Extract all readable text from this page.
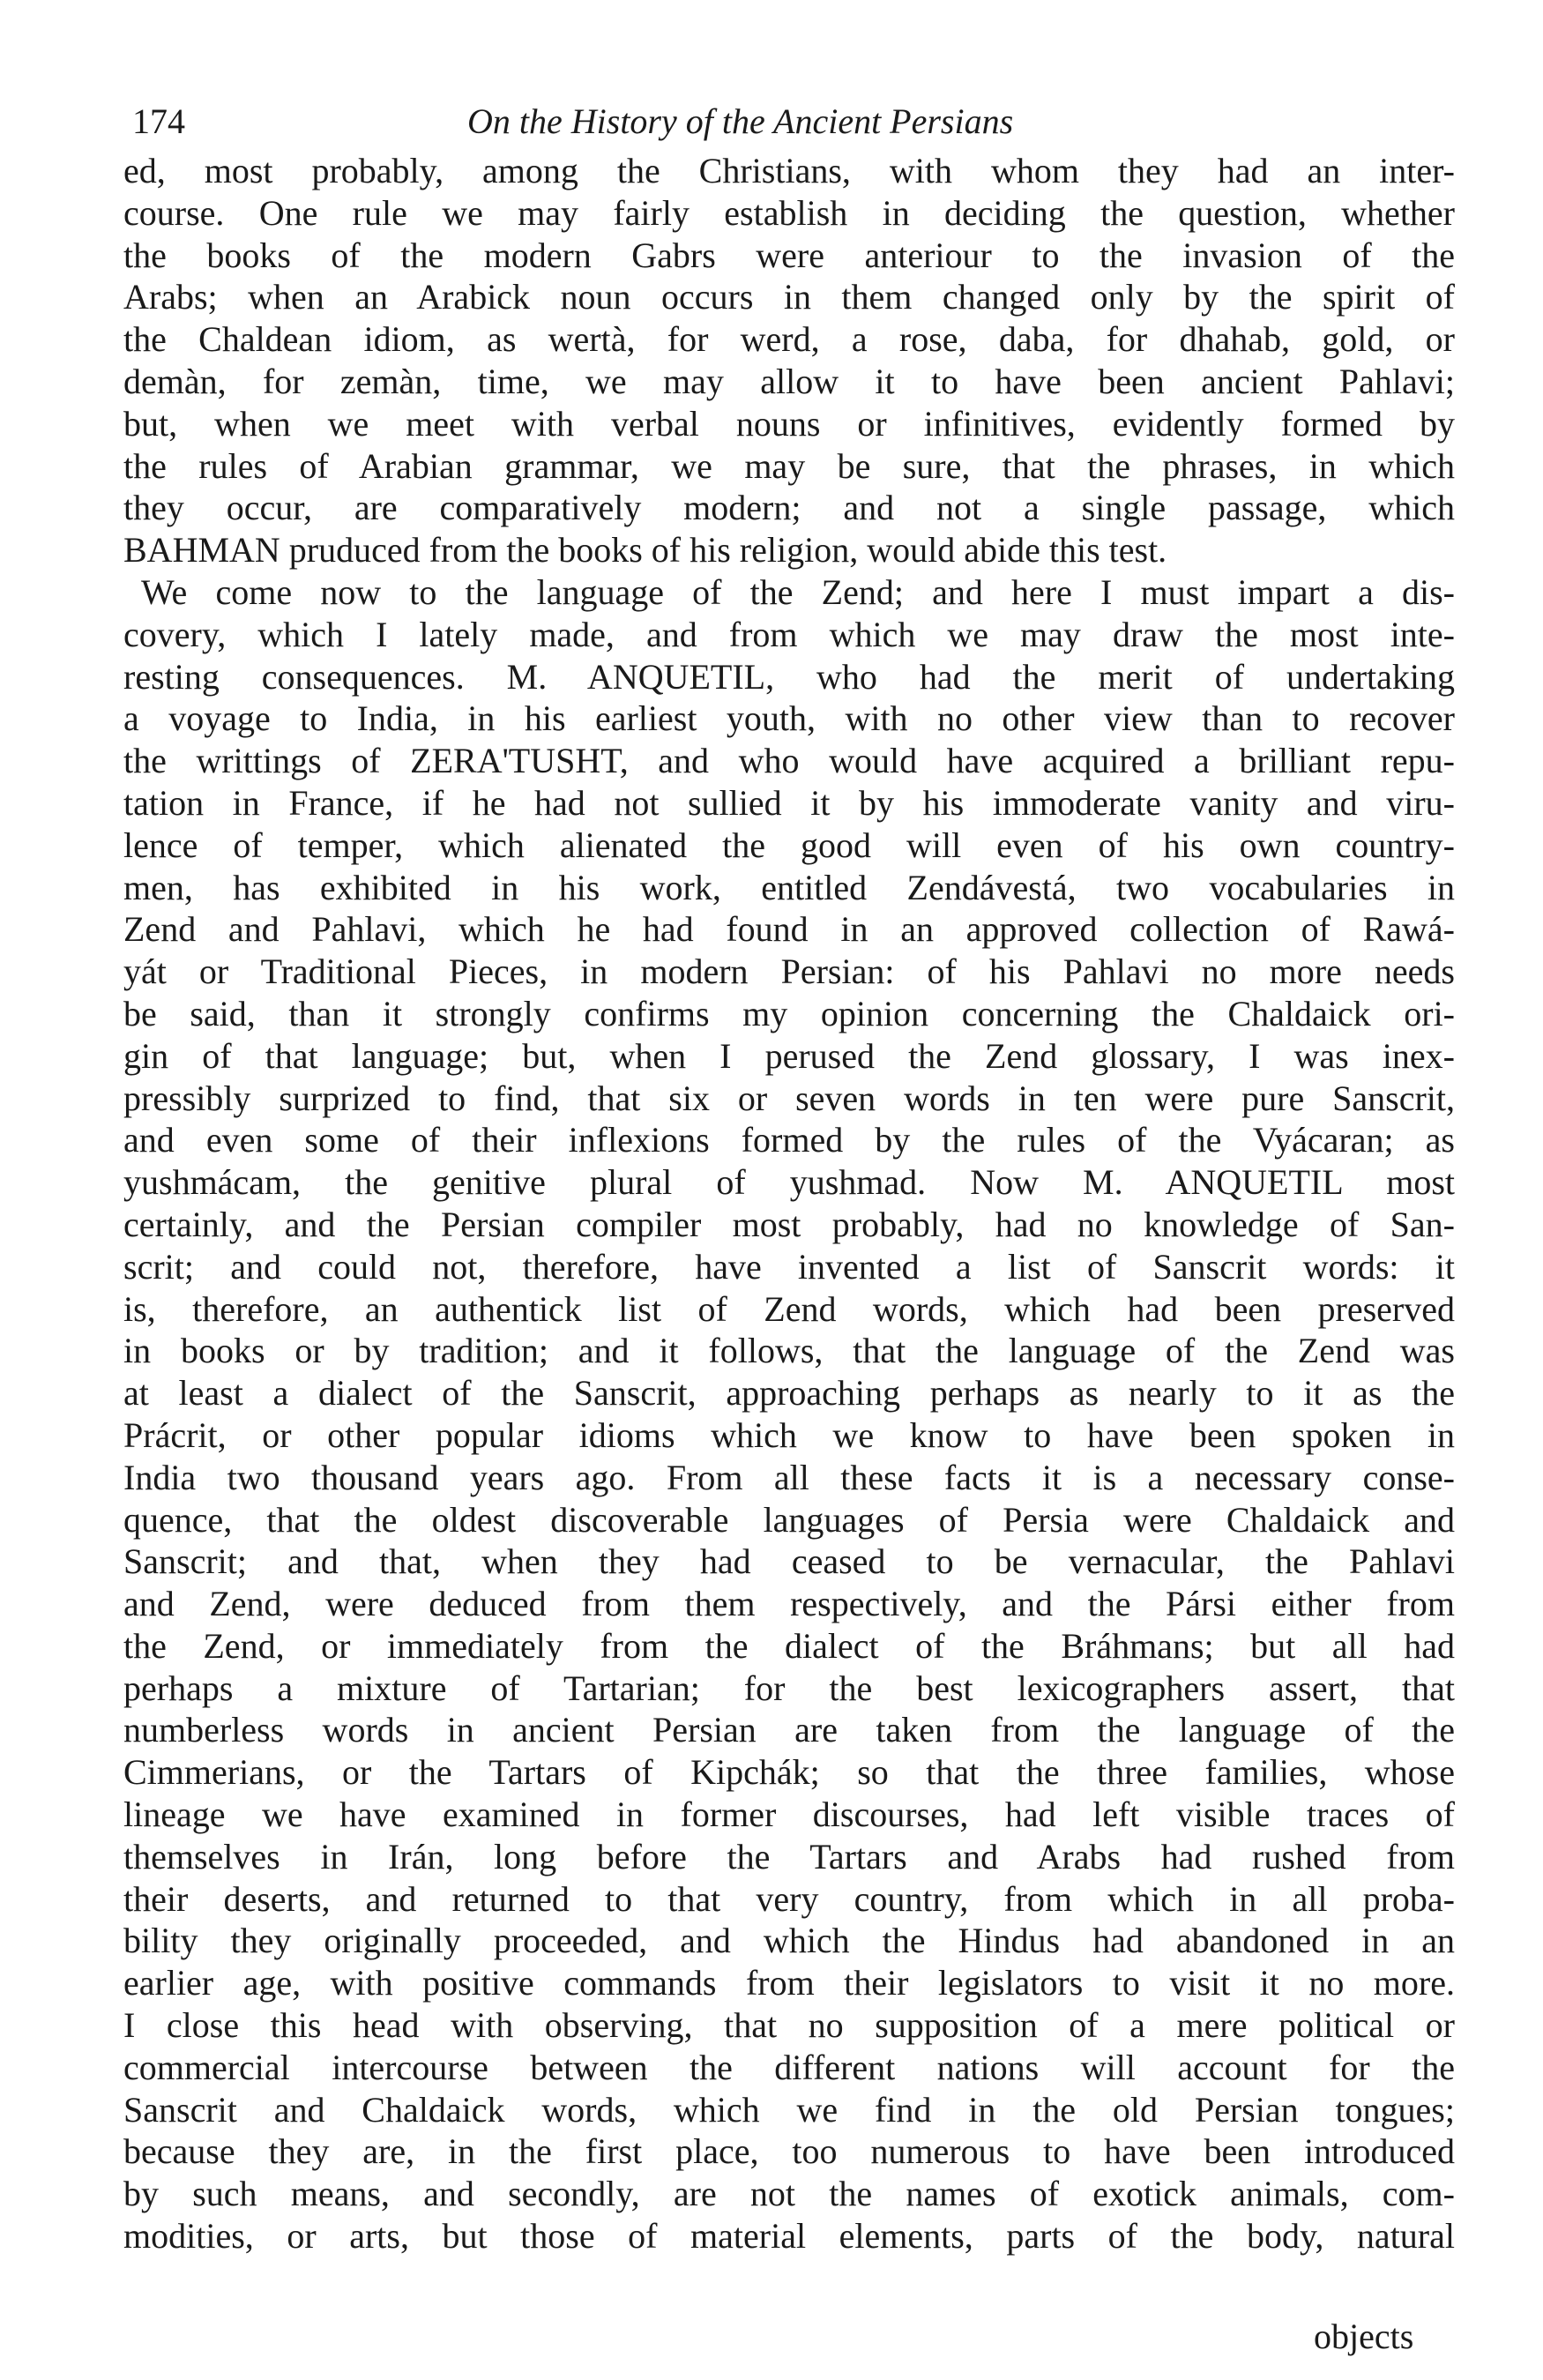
174	On the History of the Ancient Persians
ed, most probably, among the Christians, with whom they had an inter-
course. One rule we may fairly establish in deciding the question, whether
the books of the modern Gabrs were anteriour to the invasion of the
Arabs; when an Arabick noun occurs in them changed only by the spirit of
the Chaldean idiom, as wertà, for werd, a rose, daba, for dhahab, gold, or
demàn, for zemàn, time, we may allow it to have been ancient Pahlavi;
but, when we meet with verbal nouns or infinitives, evidently formed by
the rules of Arabian grammar, we may be sure, that the phrases, in which
they occur, are comparatively modern; and not a single passage, which
BAHMAN pruduced from the books of his religion, would abide this test.
We come now to the language of the Zend; and here I must impart a dis-
covery, which I lately made, and from which we may draw the most inte-
resting consequences. M. ANQUETIL, who had the merit of undertaking
a voyage to India, in his earliest youth, with no other view than to recover
the writtings of ZERA'TUSHT, and who would have acquired a brilliant repu-
tation in France, if he had not sullied it by his immoderate vanity and viru-
lence of temper, which alienated the good will even of his own country-
men, has exhibited in his work, entitled Zendávestá, two vocabularies in
Zend and Pahlavi, which he had found in an approved collection of Rawá-
yát or Traditional Pieces, in modern Persian: of his Pahlavi no more needs
be said, than it strongly confirms my opinion concerning the Chaldaick ori-
gin of that language; but, when I perused the Zend glossary, I was inex-
pressibly surprized to find, that six or seven words in ten were pure Sanscrit,
and even some of their inflexions formed by the rules of the Vyácaran; as
yushmácam, the genitive plural of yushmad. Now M. ANQUETIL most
certainly, and the Persian compiler most probably, had no knowledge of San-
scrit; and could not, therefore, have invented a list of Sanscrit words: it
is, therefore, an authentick list of Zend words, which had been preserved
in books or by tradition; and it follows, that the language of the Zend was
at least a dialect of the Sanscrit, approaching perhaps as nearly to it as the
Prácrit, or other popular idioms which we know to have been spoken in
India two thousand years ago. From all these facts it is a necessary conse-
quence, that the oldest discoverable languages of Persia were Chaldaick and
Sanscrit; and that, when they had ceased to be vernacular, the Pahlavi
and Zend, were deduced from them respectively, and the Pársi either from
the Zend, or immediately from the dialect of the Bráhmans; but all had
perhaps a mixture of Tartarian; for the best lexicographers assert, that
numberless words in ancient Persian are taken from the language of the
Cimmerians, or the Tartars of Kipchák; so that the three families, whose
lineage we have examined in former discourses, had left visible traces of
themselves in Irán, long before the Tartars and Arabs had rushed from
their deserts, and returned to that very country, from which in all proba-
bility they originally proceeded, and which the Hindus had abandoned in an
earlier age, with positive commands from their legislators to visit it no more.
I close this head with observing, that no supposition of a mere political or
commercial intercourse between the different nations will account for the
Sanscrit and Chaldaick words, which we find in the old Persian tongues;
because they are, in the first place, too numerous to have been introduced
by such means, and secondly, are not the names of exotick animals, com-
modities, or arts, but those of material elements, parts of the body, natural
objects
